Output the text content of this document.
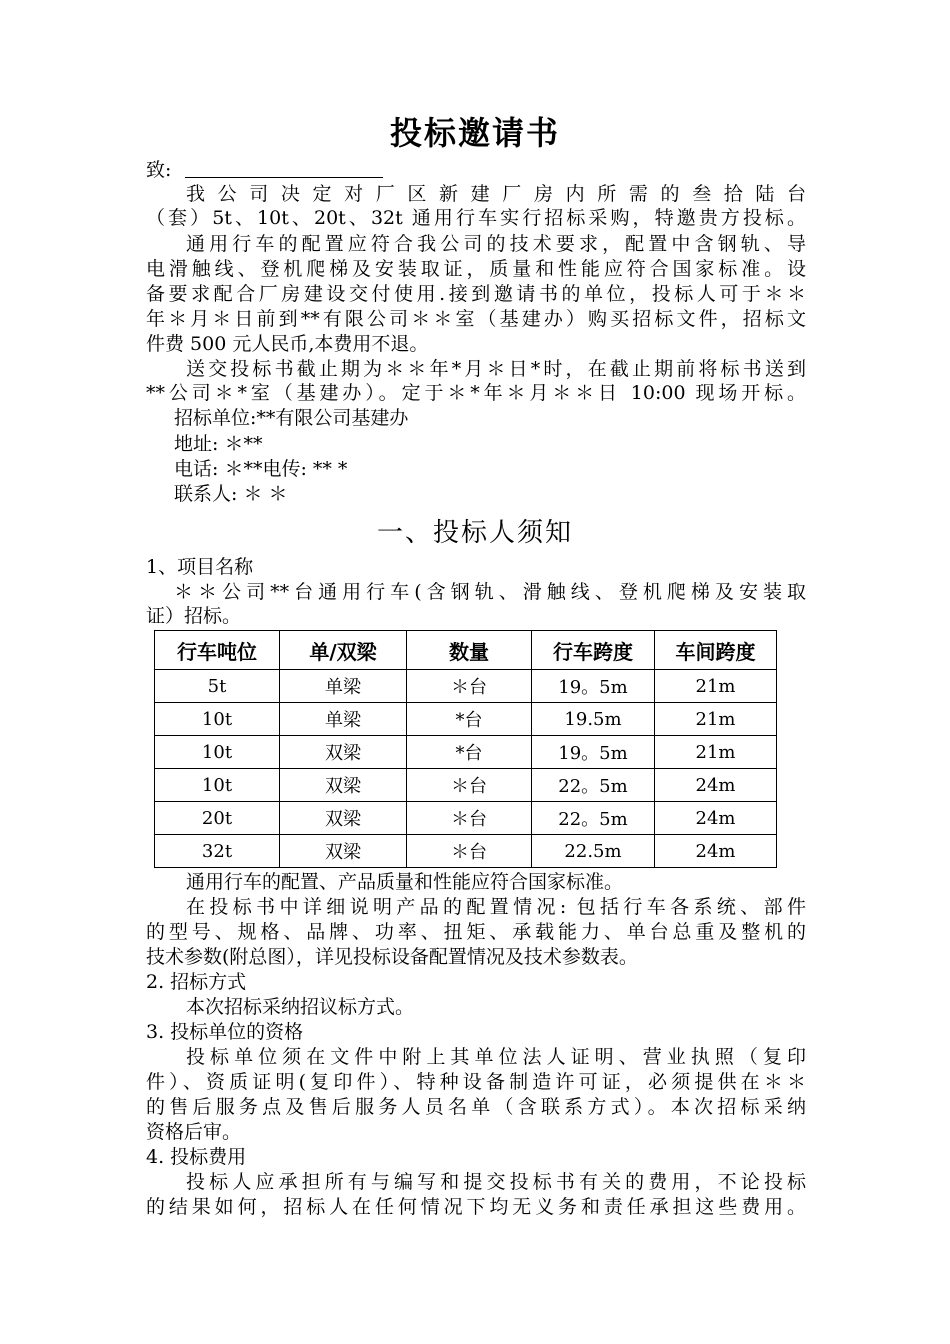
投标邀请书
致:
我公司决定对厂区新建厂房内所需的叁拾陆台
（套）5t、10t、20t、32t 通用行车实行招标采购，特邀贵方投标。
通用行车的配置应符合我公司的技术要求，配置中含钢轨、导
电滑触线、登机爬梯及安装取证，质量和性能应符合国家标准。设
备要求配合厂房建设交付使用.接到邀请书的单位，投标人可于＊＊
年＊月＊日前到**有限公司＊＊室（基建办）购买招标文件，招标文
件费 500 元人民币,本费用不退。
送交投标书截止期为＊＊年*月＊日*时，在截止期前将标书送到
**公司＊*室（基建办）。定于＊*年＊月＊＊日 10:00 现场开标。
招标单位:**有限公司基建办
地址: ＊**
电话: ＊**电传: ** *
联系人: ＊ ＊
一、投标人须知
1、项目名称
＊＊公司**台通用行车(含钢轨、滑触线、登机爬梯及安装取
证）招标。
行车吨位	单/双梁	数量	行车跨度	车间跨度
5t	单梁	＊台	19。5m	21m
10t	单梁	*台	19.5m	21m
10t	双梁	*台	19。5m	21m
10t	双梁	＊台	22。5m	24m
20t	双梁	＊台	22。5m	24m
32t	双梁	＊台	22.5m	24m
通用行车的配置、产品质量和性能应符合国家标准。
在投标书中详细说明产品的配置情况: 包括行车各系统、部件
的型号、规格、品牌、功率、扭矩、承载能力、单台总重及整机的
技术参数(附总图），详见投标设备配置情况及技术参数表。
2. 招标方式
本次招标采纳招议标方式。
3. 投标单位的资格
投标单位须在文件中附上其单位法人证明、营业执照（复印
件）、资质证明(复印件）、特种设备制造许可证，必须提供在＊＊
的售后服务点及售后服务人员名单（含联系方式）。本次招标采纳
资格后审。
4. 投标费用
投标人应承担所有与编写和提交投标书有关的费用，不论投标
的结果如何，招标人在任何情况下均无义务和责任承担这些费用。
